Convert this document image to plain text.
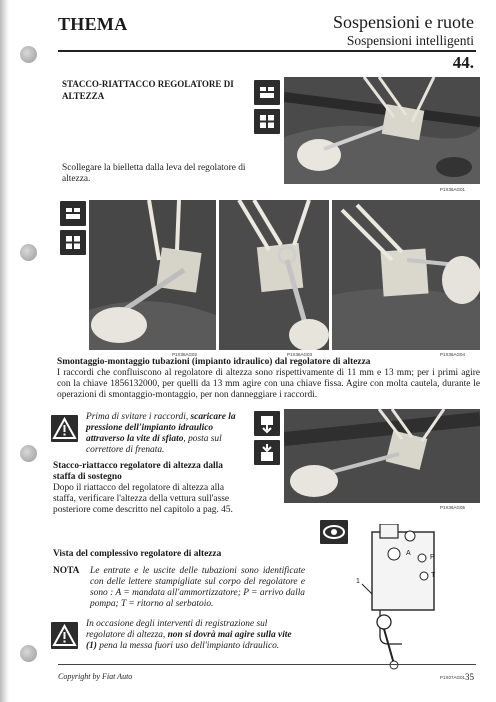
THEMA	Sospensioni e ruote
Sospensioni intelligenti
44.
STACCO-RIATTACCO REGOLATORE DI ALTEZZA
Scollegare la bielletta dalla leva del regolatore di altezza.
P1X36AG01
P1X36AG02	P1X36AG03	P1X36AG04
Smontaggio-montaggio tubazioni (impianto idraulico) dal regolatore di altezza
I raccordi che confluiscono al regolatore di altezza sono rispettivamente di 11 mm e 13 mm; per i primi agire con la chiave 1856132000, per quelli da 13 mm agire con una chiave fissa. Agire con molta cautela, durante le operazioni di smontaggio-montaggio, per non danneggiare i raccordi.
Prima di svitare i raccordi, scaricare la pressione dell'impianto idraulico attraverso la vite di sfiato, posta sul correttore di frenata.
Stacco-riattacco regolatore di altezza dalla staffa di sostegno
Dopo il riattacco del regolatore di altezza alla staffa, verificare l'altezza della vettura sull'asse posteriore come descritto nel capitolo a pag. 45.	P1X36AG05
Vista del complessivo regolatore di altezza
NOTA Le entrate e le uscite delle tubazioni sono identificate con delle lettere stampigliate sul corpo del regolatore e sono : A = mandata all'ammortizzatore; P = arrivo dalla pompa; T = ritorno al serbatoio.
A
P
T
1
P1X07AG01
In occasione degli interventi di registrazione sul regolatore di altezza, non si dovrà mai agire sulla vite (1) pena la messa fuori uso dell'impianto idraulico.
Copyright by Fiat Auto	35
